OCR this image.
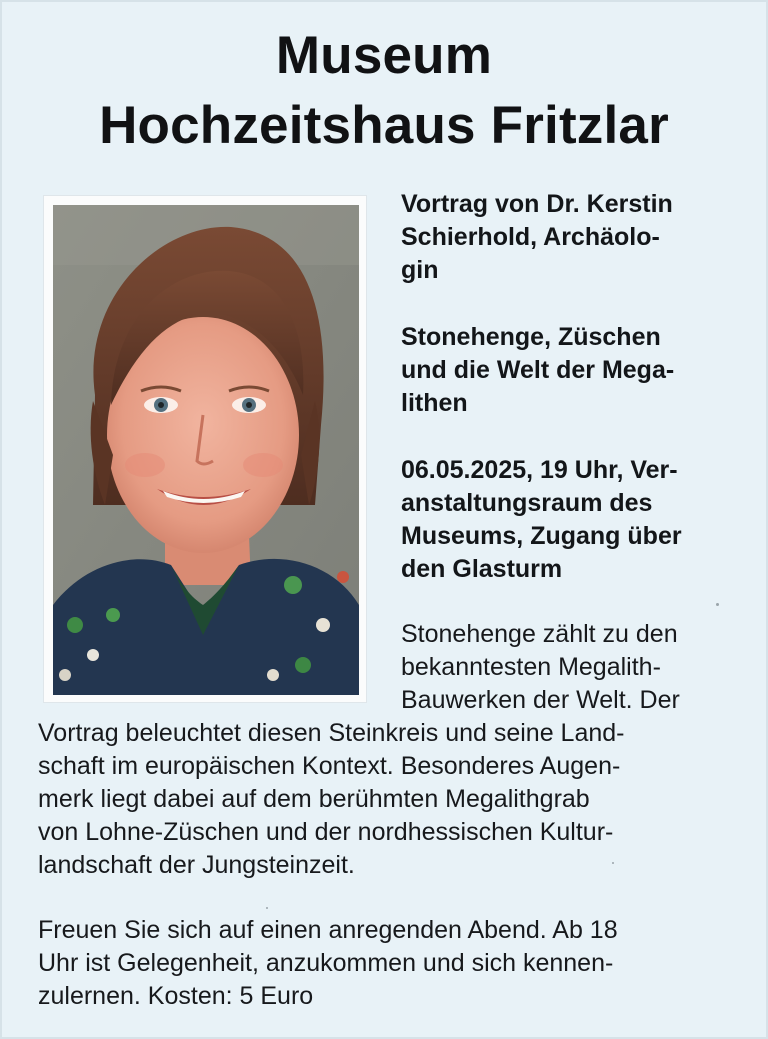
Museum
Hochzeitshaus Fritzlar
Vortrag von Dr. Kerstin
Schierhold, Archäolo-
gin
Stonehenge, Züschen
und die Welt der Mega-
lithen
06.05.2025, 19 Uhr, Ver-
anstaltungsraum des
Museums, Zugang über
den Glasturm
Stonehenge zählt zu den
bekanntesten Megalith-
Bauwerken der Welt. Der
Vortrag beleuchtet diesen Steinkreis und seine Land-
schaft im europäischen Kontext. Besonderes Augen-
merk liegt dabei auf dem berühmten Megalithgrab
von Lohne-Züschen und der nordhessischen Kultur-
landschaft der Jungsteinzeit.
Freuen Sie sich auf einen anregenden Abend. Ab 18
Uhr ist Gelegenheit, anzukommen und sich kennen-
zulernen. Kosten: 5 Euro
